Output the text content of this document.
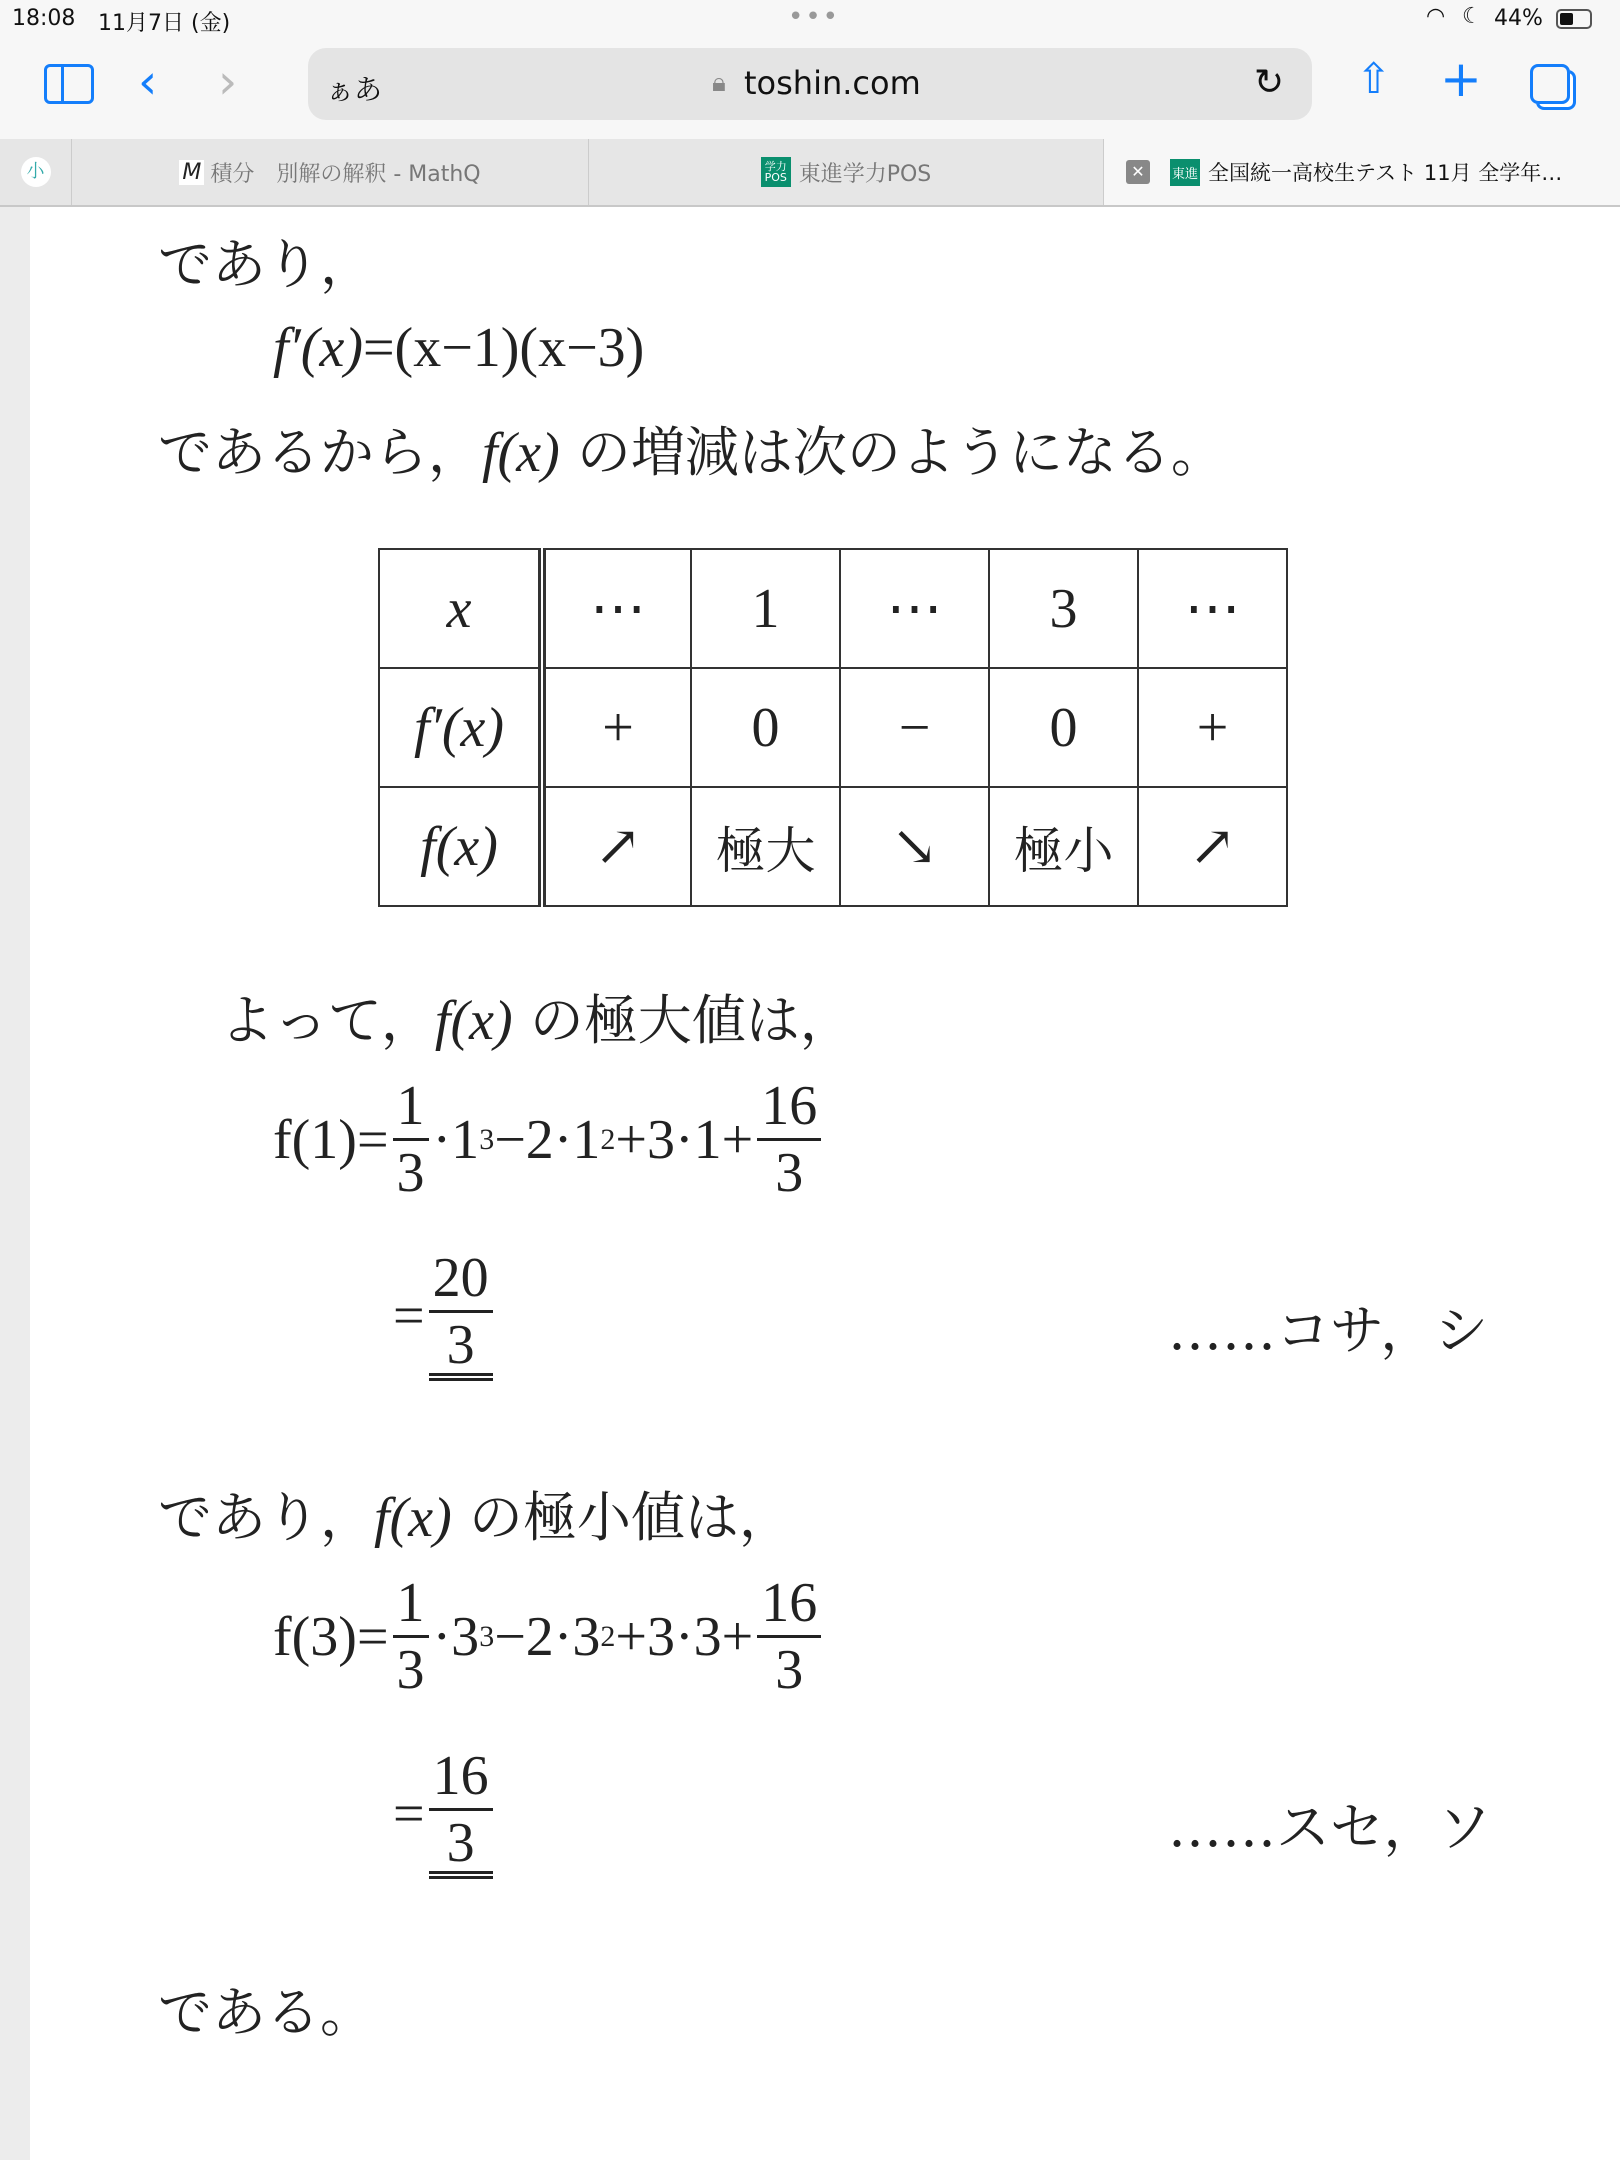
18:08 11月7日 (金)	•••	◠ ☾ 44%
‹ ›	ぁあ	🔒︎ toshin.com	↻ ⇧ +
小	M 積分　別解の解釈 - MathQ	学力POS 東進学力POS	✕	東進 全国統一高校生テスト 11月 全学年…
であり，
f′(x) =(x−1)(x−3)
であるから，f(x) の増減は次のようになる。
x	⋯	1	⋯	3	⋯
f′(x)	+	0	−	0	+
f(x)	↗	極大	↘	極小	↗
よって，f(x) の極大値は，
$f(1)= \frac{1}{3} \cdot 1$ 3 −2·1 $2 +3\cdot 1+ \frac{16}{3}$
= $\frac{20}{3}$	……コサ，シ
であり，f(x) の極小値は，
$f(3)= \frac{1}{3} \cdot 3$ 3 −2·3 $2 +3\cdot 3+ \frac{16}{3}$
= $\frac{16}{3}$	……スセ，ソ
である。
